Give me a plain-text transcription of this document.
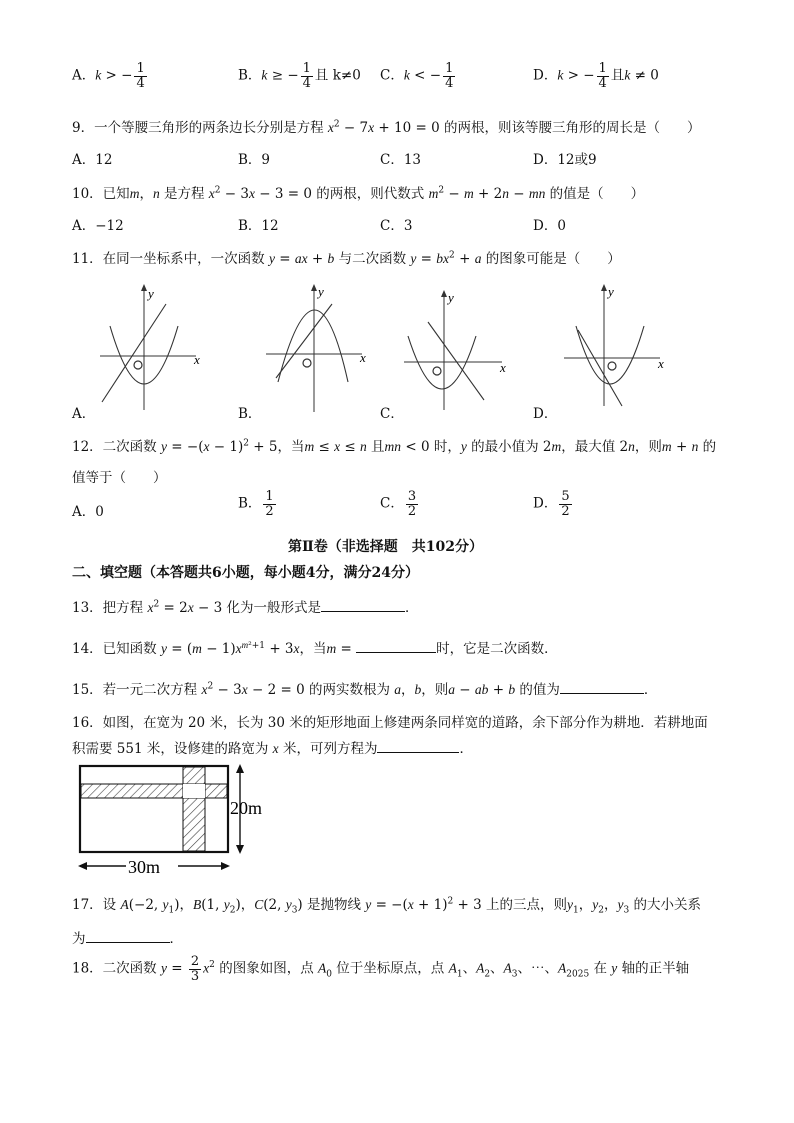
A．k > − $\frac{1}{4}$	B．k ≥ − $\frac{1}{4}$ 且 k≠0 C．k < − $\frac{1}{4}$	D．k > − $\frac{1}{4}$ 且k ≠ 0
9．一个等腰三角形的两条边长分别是方程 $x^2 - 7x + 10 = 0$ 的两根，则该等腰三角形的周长是（　　）
A．12	B．9	C．13	D．12或9
10．已知m，n 是方程 $x^2 - 3x - 3 = 0$ 的两根，则代数式 $m^2 - m + 2n$ − mn 的值是（　　）
A．−12	B．12	C．3	D．0
11．在同一坐标系中，一次函数 y = ax + b 与二次函数 $y = bx^2 + a$ 的图象可能是（　　）
y
x
A．
y
x
B．
y
x
C．
y
x
D．
12．二次函数 $y = -(x - 1)^2 + 5$，当m ≤ x ≤ n 且mn < 0 时，y 的最小值为 2m，最大值 2n，则m + n 的
值等于（　　）
A．0
B． $\frac{1}{2}$	C． $\frac{3}{2}$	D． $\frac{5}{2}$
第Ⅱ卷（非选择题　共102分）
二、填空题（本答题共6小题，每小题4分，满分24分）
13．把方程 $x^2 = 2x - 3$ 化为一般形式是	．
14．已知函数 $y = (m - 1)x^{m^2+1} + 3x$，当m =	时，它是二次函数．
15．若一元二次方程 $x^2 - 3x - 2 = 0$ 的两实数根为 a，b，则a − ab + b 的值为	．
16．如图，在宽为 20 米，长为 30 米的矩形地面上修建两条同样宽的道路，余下部分作为耕地．若耕地面
积需要 551 米，设修建的路宽为 x 米，可列方程为	．
20m
30m
17．设 A(−2, $y_1$)，B(1, $y_2$)，C(2, $y_3$) 是抛物线 $y = -(x + 1)^2 + 3$ 上的三点，则$y_1$，$y_2$，$y_3$ 的大小关系
为	．
18．二次函数 $y = \frac{2}{3} x^2$ 的图象如图，点 $A_0$ 位于坐标原点，点 $A_1$、$A_2$、$A_3$、⋯、$A_{2025}$ 在 y 轴的正半轴
